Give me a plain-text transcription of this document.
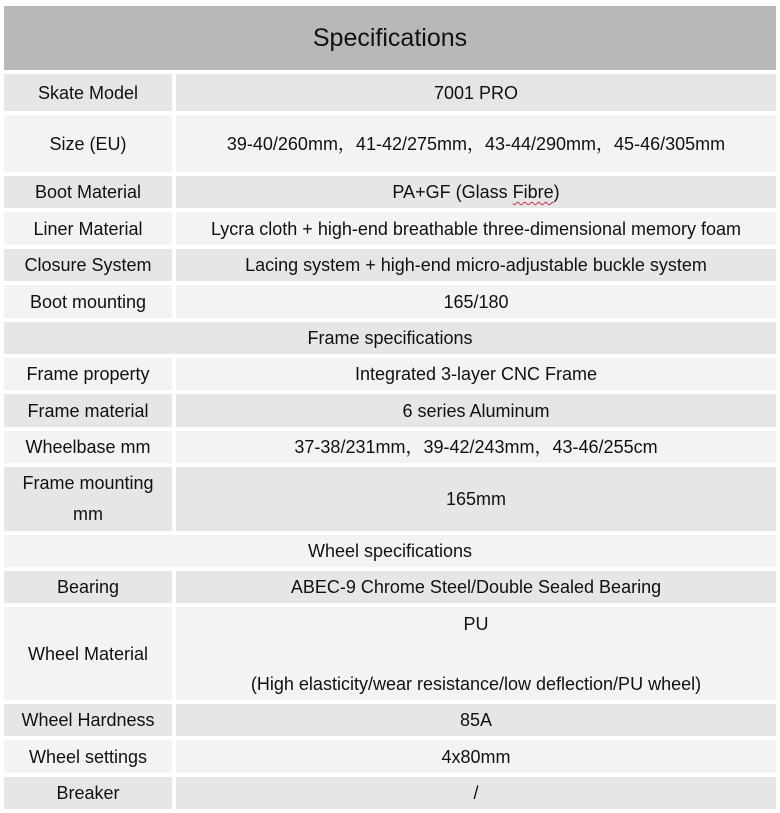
Specifications
Skate Model	7001 PRO
Size (EU)	39-40/260mm，41-42/275mm，43-44/290mm，45-46/305mm
Boot Material	PA+GF (Glass Fibre)
Liner Material	Lycra cloth + high-end breathable three-dimensional memory foam
Closure System	Lacing system + high-end micro-adjustable buckle system
Boot mounting	165/180
Frame specifications	
Frame property	Integrated 3-layer CNC Frame
Frame material	6 series Aluminum
Wheelbase mm	37-38/231mm，39-42/243mm，43-46/255cm
Frame mounting mm	165mm
Wheel specifications	
Bearing	ABEC-9 Chrome Steel/Double Sealed Bearing
Wheel Material	PU
(High elasticity/wear resistance/low deflection/PU wheel)

Wheel Hardness	85A
Wheel settings	4x80mm
Breaker	/
